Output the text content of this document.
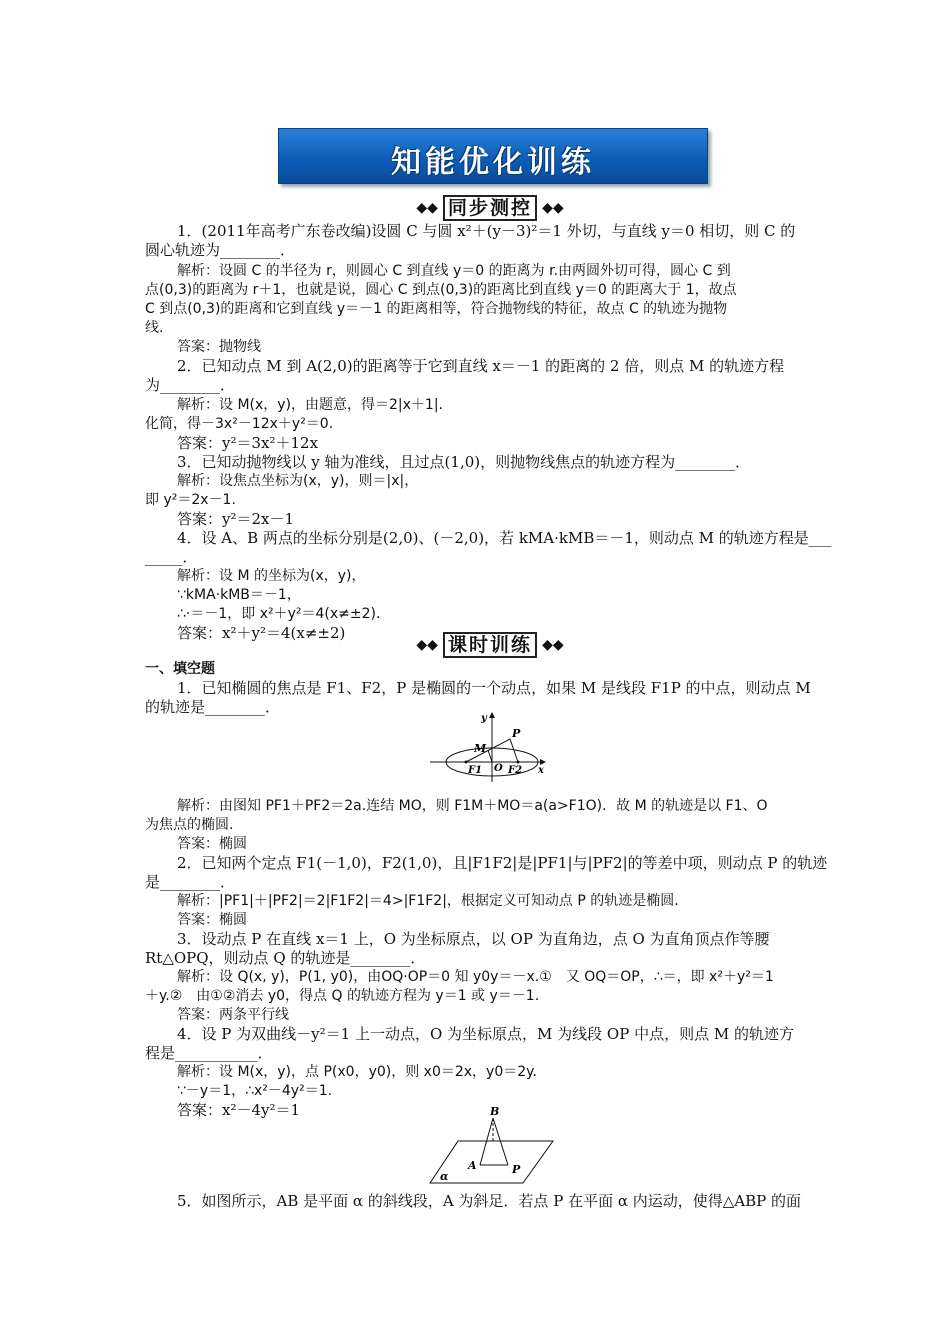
知能优化训练
◆◆ 同步测控 ◆◆
1．(2011年高考广东卷改编)设圆 C 与圆 x²＋(y－3)²＝1 外切，与直线 y＝0 相切，则 C 的
圆心轨迹为________．
解析：设圆 C 的半径为 r，则圆心 C 到直线 y＝0 的距离为 r.由两圆外切可得，圆心 C 到
点(0,3)的距离为 r＋1，也就是说，圆心 C 到点(0,3)的距离比到直线 y＝0 的距离大于 1，故点
C 到点(0,3)的距离和它到直线 y＝－1 的距离相等，符合抛物线的特征，故点 C 的轨迹为抛物
线.
答案：抛物线
2．已知动点 M 到 A(2,0)的距离等于它到直线 x＝－1 的距离的 2 倍，则点 M 的轨迹方程
为________．
解析：设 M(x，y)，由题意，得＝2|x＋1|.
化简，得－3x²－12x＋y²＝0.
答案：y²＝3x²＋12x
3．已知动抛物线以 y 轴为准线，且过点(1,0)，则抛物线焦点的轨迹方程为________．
解析：设焦点坐标为(x，y)，则＝|x|，
即 y²＝2x－1.
答案：y²＝2x－1
4．设 A、B 两点的坐标分别是(2,0)、(－2,0)，若 kMA·kMB＝－1，则动点 M 的轨迹方程是___
_____．
解析：设 M 的坐标为(x，y)，
∵kMA·kMB＝－1，
∴·＝－1，即 x²＋y²＝4(x≠±2).
答案：x²＋y²＝4(x≠±2)
◆◆ 课时训练 ◆◆
一、填空题
1．已知椭圆的焦点是 F1、F2，P 是椭圆的一个动点，如果 M 是线段 F1P 的中点，则动点 M
的轨迹是________．
y
x
M
P
F1 O F2
解析：由图知 PF1＋PF2＝2a.连结 MO，则 F1M＋MO＝a(a>F1O)．故 M 的轨迹是以 F1、O
为焦点的椭圆.
答案：椭圆
2．已知两个定点 F1(－1,0)，F2(1,0)，且|F1F2|是|PF1|与|PF2|的等差中项，则动点 P 的轨迹
是________．
解析：|PF1|＋|PF2|＝2|F1F2|＝4>|F1F2|，根据定义可知动点 P 的轨迹是椭圆.
答案：椭圆
3．设动点 P 在直线 x＝1 上，O 为坐标原点，以 OP 为直角边，点 O 为直角顶点作等腰
Rt△OPQ，则动点 Q 的轨迹是________．
解析：设 Q(x, y)，P(1, y0)，由OQ·OP＝0 知 y0y＝－x.①　又 OQ＝OP，∴＝，即 x²＋y²＝1
＋y.②　由①②消去 y0，得点 Q 的轨迹方程为 y＝1 或 y＝－1.
答案：两条平行线
4．设 P 为双曲线－y²＝1 上一动点，O 为坐标原点，M 为线段 OP 中点，则点 M 的轨迹方
程是___________．
解析：设 M(x，y)，点 P(x0，y0)，则 x0＝2x，y0＝2y.
∵－y＝1，∴x²－4y²＝1.
答案：x²－4y²＝1	B
A	P
α
5．如图所示，AB 是平面 α 的斜线段，A 为斜足．若点 P 在平面 α 内运动，使得△ABP 的面
